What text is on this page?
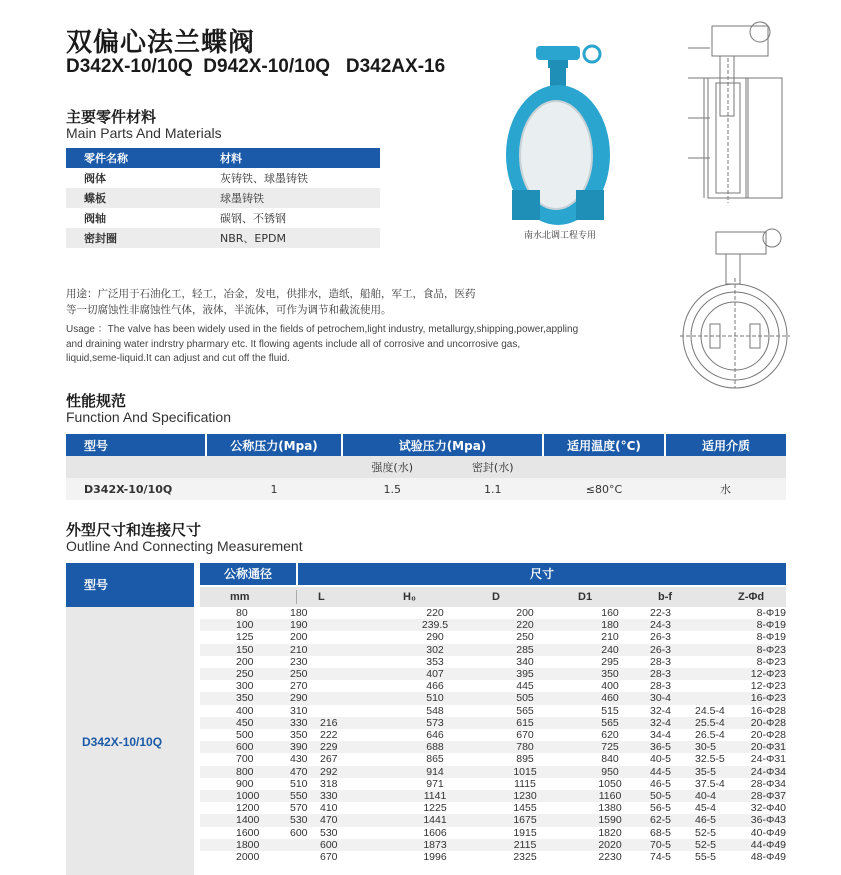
双偏心法兰蝶阀
D342X-10/10Q  D942X-10/10Q   D342AX-16
南水北调工程专用
主要零件材料
Main Parts And Materials
零件名称	材料
阀体	灰铸铁、球墨铸铁
蝶板	球墨铸铁
阀轴	碳钢、不锈钢
密封圈	NBR、EPDM
用途：广泛用于石油化工，轻工，冶金，发电，供排水，造纸，船舶，军工，食品，医药
等一切腐蚀性非腐蚀性气体，液体，半流体，可作为调节和截流使用。
Usage ：The valve has been widely used in the fields of petrochem,light industry, metallurgy,shipping,power,appling
and draining water indrstry pharmary etc. It flowing agents include all of corrosive and uncorrosive gas,
liquid,seme-liquid.It can adjust and cut off the fluid.
性能规范
Function And Specification
型号	公称压力(Mpa)	试验压力(Mpa)		适用温度(°C)	适用介质
		强度(水)	密封(水)		
D342X-10/10Q	1	1.5	1.1	≤80°C	水
外型尺寸和连接尺寸
Outline And Connecting Measurement
型号
公称通径	尺寸
mm	L	H₀	D	D1	b-f	Z-Φd
D342X-10/10Q
80	180		220	200	160	22-3		8-Φ19
100	190		239.5	220	180	24-3		8-Φ19
125	200		290	250	210	26-3		8-Φ19
150	210		302	285	240	26-3		8-Φ23
200	230		353	340	295	28-3		8-Φ23
250	250		407	395	350	28-3		12-Φ23
300	270		466	445	400	28-3		12-Φ23
350	290		510	505	460	30-4		16-Φ23
400	310		548	565	515	32-4	24.5-4	16-Φ28
450	330	216	573	615	565	32-4	25.5-4	20-Φ28
500	350	222	646	670	620	34-4	26.5-4	20-Φ28
600	390	229	688	780	725	36-5	30-5	20-Φ31
700	430	267	865	895	840	40-5	32.5-5	24-Φ31
800	470	292	914	1015	950	44-5	35-5	24-Φ34
900	510	318	971	1115	1050	46-5	37.5-4	28-Φ34
1000	550	330	1141	1230	1160	50-5	40-4	28-Φ37
1200	570	410	1225	1455	1380	56-5	45-4	32-Φ40
1400	530	470	1441	1675	1590	62-5	46-5	36-Φ43
1600	600	530	1606	1915	1820	68-5	52-5	40-Φ49
1800		600	1873	2115	2020	70-5	52-5	44-Φ49
2000		670	1996	2325	2230	74-5	55-5	48-Φ49
